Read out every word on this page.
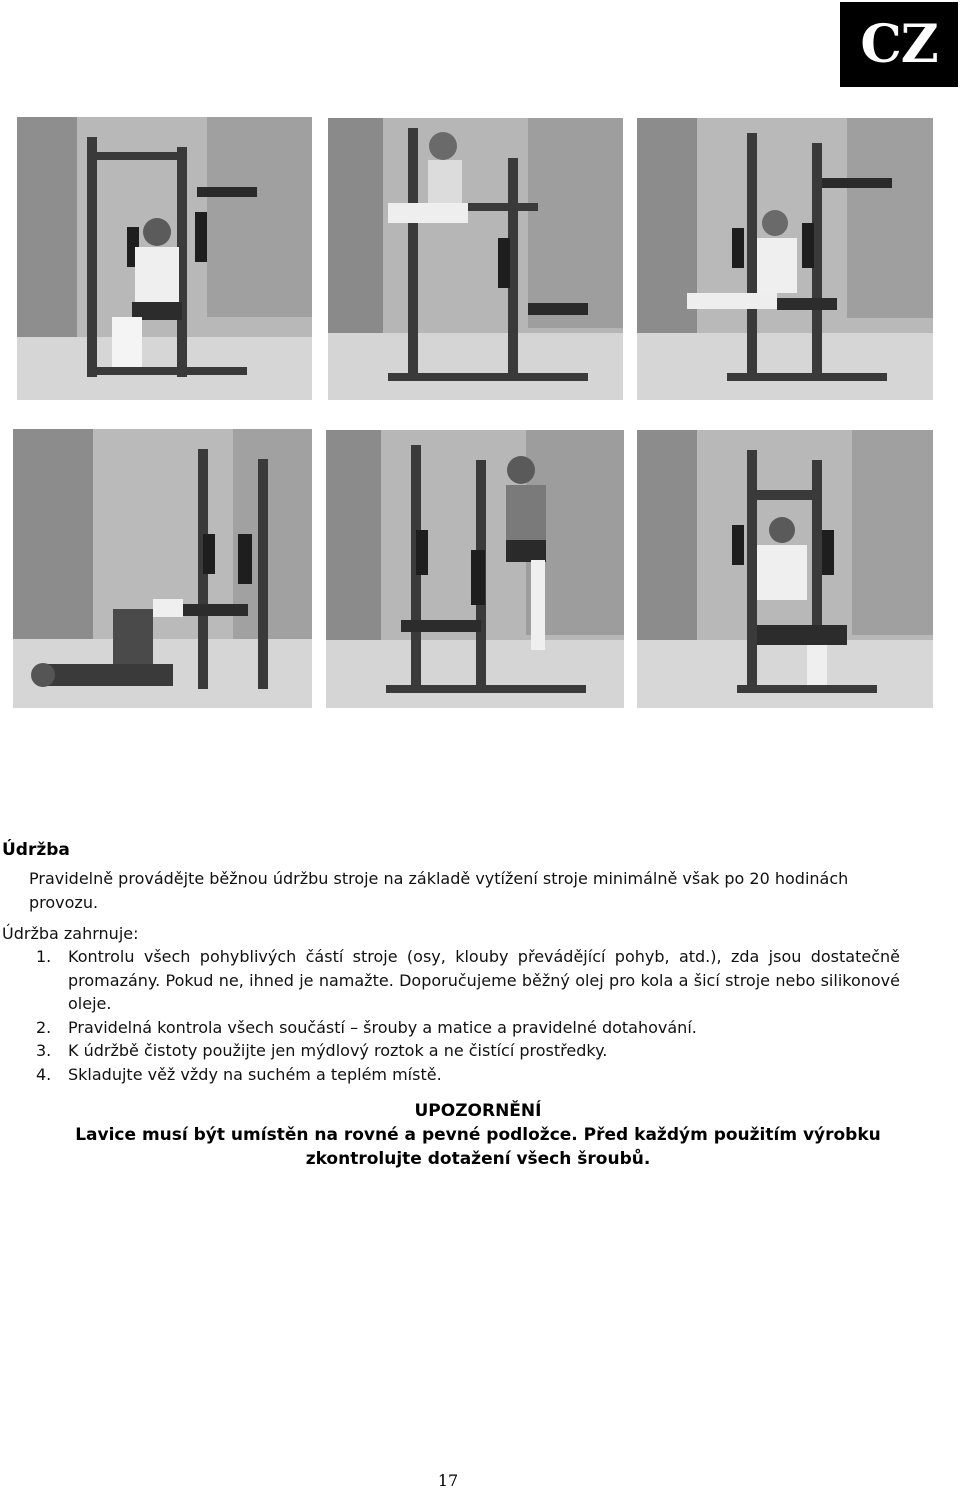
CZ
Údržba
Pravidelně provádějte běžnou údržbu stroje na základě vytížení stroje minimálně však po 20 hodinách provozu.
Údržba zahrnuje:
1.	Kontrolu všech pohyblivých částí stroje (osy, klouby převádějící pohyb, atd.), zda jsou dostatečně promazány. Pokud ne, ihned je namažte. Doporučujeme běžný olej pro kola a šicí stroje nebo silikonové oleje.
2.	Pravidelná kontrola všech součástí – šrouby a matice a pravidelné dotahování.
3.	K údržbě čistoty použijte jen mýdlový roztok a ne čistící prostředky.
4.	Skladujte věž vždy na suchém a teplém místě.
UPOZORNĚNÍ
Lavice musí být umístěn na rovné a pevné podložce. Před každým použitím výrobku zkontrolujte dotažení všech šroubů.
17
